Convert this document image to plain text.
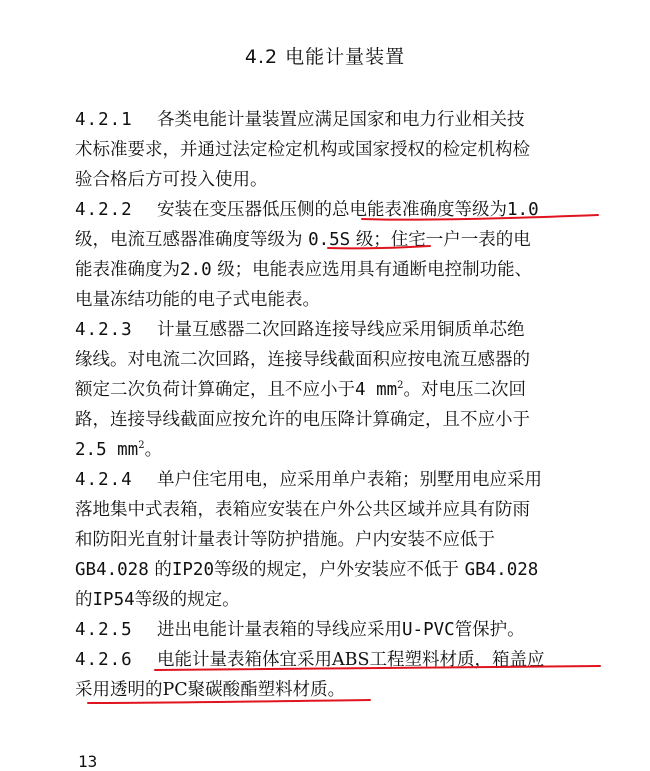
4.2 电能计量装置
4.2.1 各类电能计量装置应满足国家和电力行业相关技
术标准要求，并通过法定检定机构或国家授权的检定机构检
验合格后方可投入使用。
4.2.2 安装在变压器低压侧的总电能表准确度等级为1.0
级，电流互感器准确度等级为 0.5S 级；住宅一户一表的电
能表准确度为2.0 级；电能表应选用具有通断电控制功能、
电量冻结功能的电子式电能表。
4.2.3 计量互感器二次回路连接导线应采用铜质单芯绝
缘线。对电流二次回路，连接导线截面积应按电流互感器的
额定二次负荷计算确定，且不应小于4 $mm^2$。对电压二次回
路，连接导线截面应按允许的电压降计算确定，且不应小于
2.5 $mm^2$。
4.2.4 单户住宅用电，应采用单户表箱；别墅用电应采用
落地集中式表箱，表箱应安装在户外公共区域并应具有防雨
和防阳光直射计量表计等防护措施。户内安装不应低于
GB4.028 的IP20等级的规定，户外安装应不低于 GB4.028
的IP54等级的规定。
4.2.5 进出电能计量表箱的导线应采用U-PVC管保护。
4.2.6 电能计量表箱体宜采用ABS工程塑料材质，箱盖应
采用透明的PC聚碳酸酯塑料材质。
13
